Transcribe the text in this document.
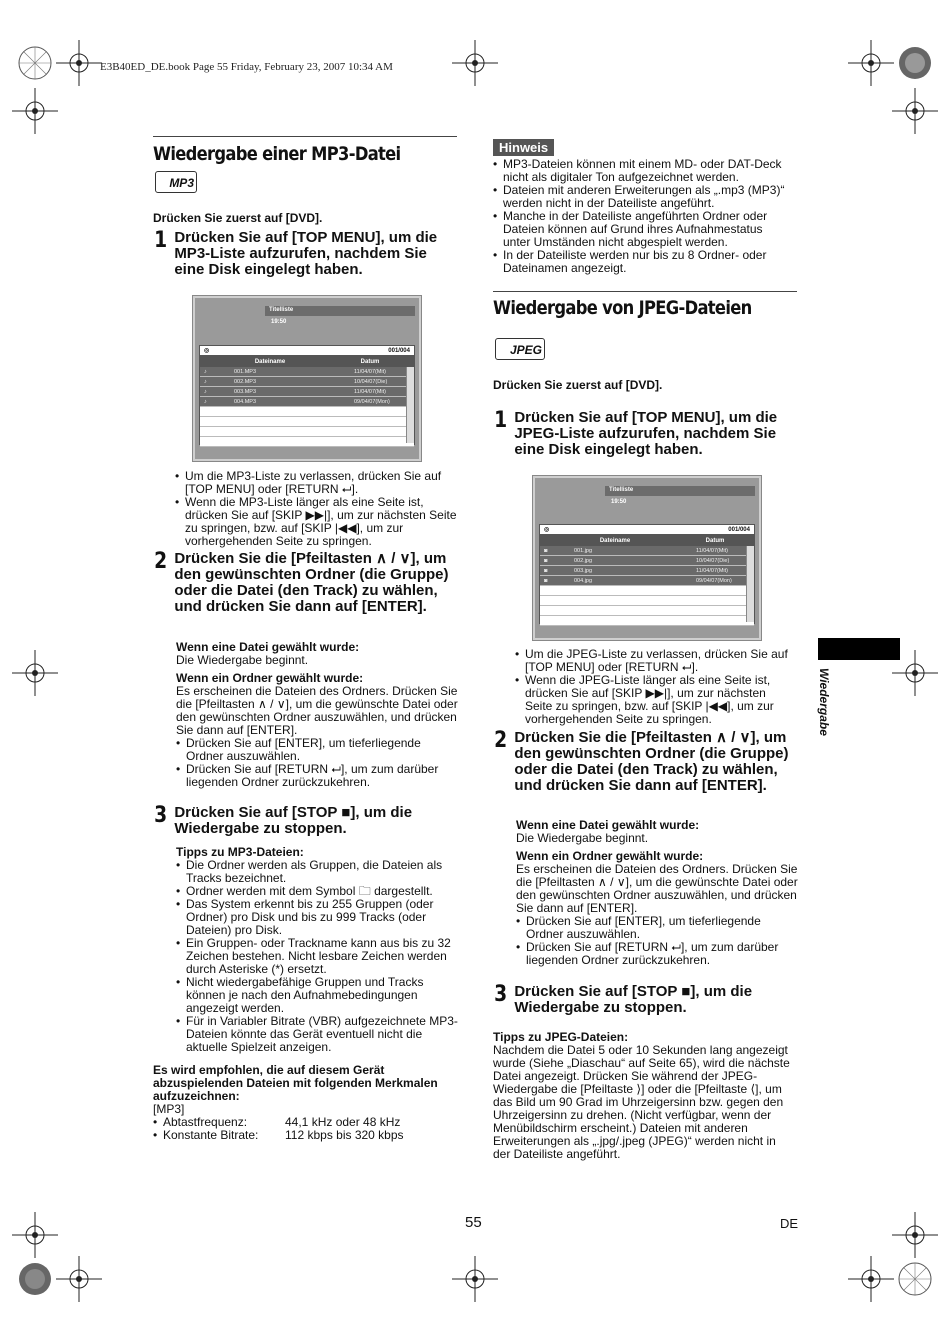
E3B40ED_DE.book Page 55 Friday, February 23, 2007 10:34 AM
Wiedergabe einer MP3-Datei
MP3
Drücken Sie zuerst auf [DVD].
1 Drücken Sie auf [TOP MENU], um die MP3-Liste aufzurufen, nachdem Sie eine Disk eingelegt haben.
Titelliste
19:50
◎	001/004
Dateiname	Datum
♪	001.MP3	11/04/07(Mit)
♪	002.MP3	10/04/07(Die)
♪	003.MP3	11/04/07(Mit)
♪	004.MP3	09/04/07(Mon)
• Um die MP3-Liste zu verlassen, drücken Sie auf [TOP MENU] oder [RETURN ⮠].
• Wenn die MP3-Liste länger als eine Seite ist, drücken Sie auf [SKIP ▶▶|], um zur nächsten Seite zu springen, bzw. auf [SKIP |◀◀], um zur vorhergehenden Seite zu springen.
2 Drücken Sie die [Pfeiltasten ∧ / ∨], um den gewünschten Ordner (die Gruppe) oder die Datei (den Track) zu wählen, und drücken Sie dann auf [ENTER].
Wenn eine Datei gewählt wurde:
Die Wiedergabe beginnt.
Wenn ein Ordner gewählt wurde:
Es erscheinen die Dateien des Ordners. Drücken Sie die [Pfeiltasten ∧ / ∨], um die gewünschte Datei oder den gewünschten Ordner auszuwählen, und drücken Sie dann auf [ENTER].
• Drücken Sie auf [ENTER], um tieferliegende Ordner auszuwählen.
• Drücken Sie auf [RETURN ⮠], um zum darüber liegenden Ordner zurückzukehren.
3 Drücken Sie auf [STOP ■], um die Wiedergabe zu stoppen.
Tipps zu MP3-Dateien:
• Die Ordner werden als Gruppen, die Dateien als Tracks bezeichnet.
• Ordner werden mit dem Symbol 🗀 dargestellt.
• Das System erkennt bis zu 255 Gruppen (oder Ordner) pro Disk und bis zu 999 Tracks (oder Dateien) pro Disk.
• Ein Gruppen- oder Trackname kann aus bis zu 32 Zeichen bestehen. Nicht lesbare Zeichen werden durch Asteriske (*) ersetzt.
• Nicht wiedergabefähige Gruppen und Tracks können je nach den Aufnahmebedingungen angezeigt werden.
• Für in Variabler Bitrate (VBR) aufgezeichnete MP3-Dateien könnte das Gerät eventuell nicht die aktuelle Spielzeit anzeigen.
Es wird empfohlen, die auf diesem Gerät abzuspielenden Dateien mit folgenden Merkmalen aufzuzeichnen:
[MP3]
• Abtastfrequenz:	44,1 kHz oder 48 kHz
• Konstante Bitrate:	112 kbps bis 320 kbps
Hinweis
• MP3-Dateien können mit einem MD- oder DAT-Deck nicht als digitaler Ton aufgezeichnet werden.
• Dateien mit anderen Erweiterungen als „.mp3 (MP3)“ werden nicht in der Dateiliste angeführt.
• Manche in der Dateiliste angeführten Ordner oder Dateien können auf Grund ihres Aufnahmestatus unter Umständen nicht abgespielt werden.
• In der Dateiliste werden nur bis zu 8 Ordner- oder Dateinamen angezeigt.
Wiedergabe von JPEG-Dateien
JPEG
Drücken Sie zuerst auf [DVD].
1 Drücken Sie auf [TOP MENU], um die JPEG-Liste aufzurufen, nachdem Sie eine Disk eingelegt haben.
Titelliste
19:50
◎	001/004
Dateiname	Datum
◙	001.jpg	11/04/07(Mit)
◙	002.jpg	10/04/07(Die)
◙	003.jpg	11/04/07(Mit)
◙	004.jpg	09/04/07(Mon)
• Um die JPEG-Liste zu verlassen, drücken Sie auf [TOP MENU] oder [RETURN ⮠].
• Wenn die JPEG-Liste länger als eine Seite ist, drücken Sie auf [SKIP ▶▶|], um zur nächsten Seite zu springen, bzw. auf [SKIP |◀◀], um zur vorhergehenden Seite zu springen.
2 Drücken Sie die [Pfeiltasten ∧ / ∨], um den gewünschten Ordner (die Gruppe) oder die Datei (den Track) zu wählen, und drücken Sie dann auf [ENTER].
Wenn eine Datei gewählt wurde:
Die Wiedergabe beginnt.
Wenn ein Ordner gewählt wurde:
Es erscheinen die Dateien des Ordners. Drücken Sie die [Pfeiltasten ∧ / ∨], um die gewünschte Datei oder den gewünschten Ordner auszuwählen, und drücken Sie dann auf [ENTER].
• Drücken Sie auf [ENTER], um tieferliegende Ordner auszuwählen.
• Drücken Sie auf [RETURN ⮠], um zum darüber liegenden Ordner zurückzukehren.
3 Drücken Sie auf [STOP ■], um die Wiedergabe zu stoppen.
Tipps zu JPEG-Dateien:
Nachdem die Datei 5 oder 10 Sekunden lang angezeigt wurde (Siehe „Diaschau“ auf Seite 65), wird die nächste Datei angezeigt. Drücken Sie während der JPEG-Wiedergabe die [Pfeiltaste ⟩] oder die [Pfeiltaste ⟨], um das Bild um 90 Grad im Uhrzeigersinn bzw. gegen den Uhrzeigersinn zu drehen. (Nicht verfügbar, wenn der Menübildschirm erscheint.) Dateien mit anderen Erweiterungen als „.jpg/.jpeg (JPEG)“ werden nicht in der Dateiliste angeführt.
Wiedergabe
55	DE
